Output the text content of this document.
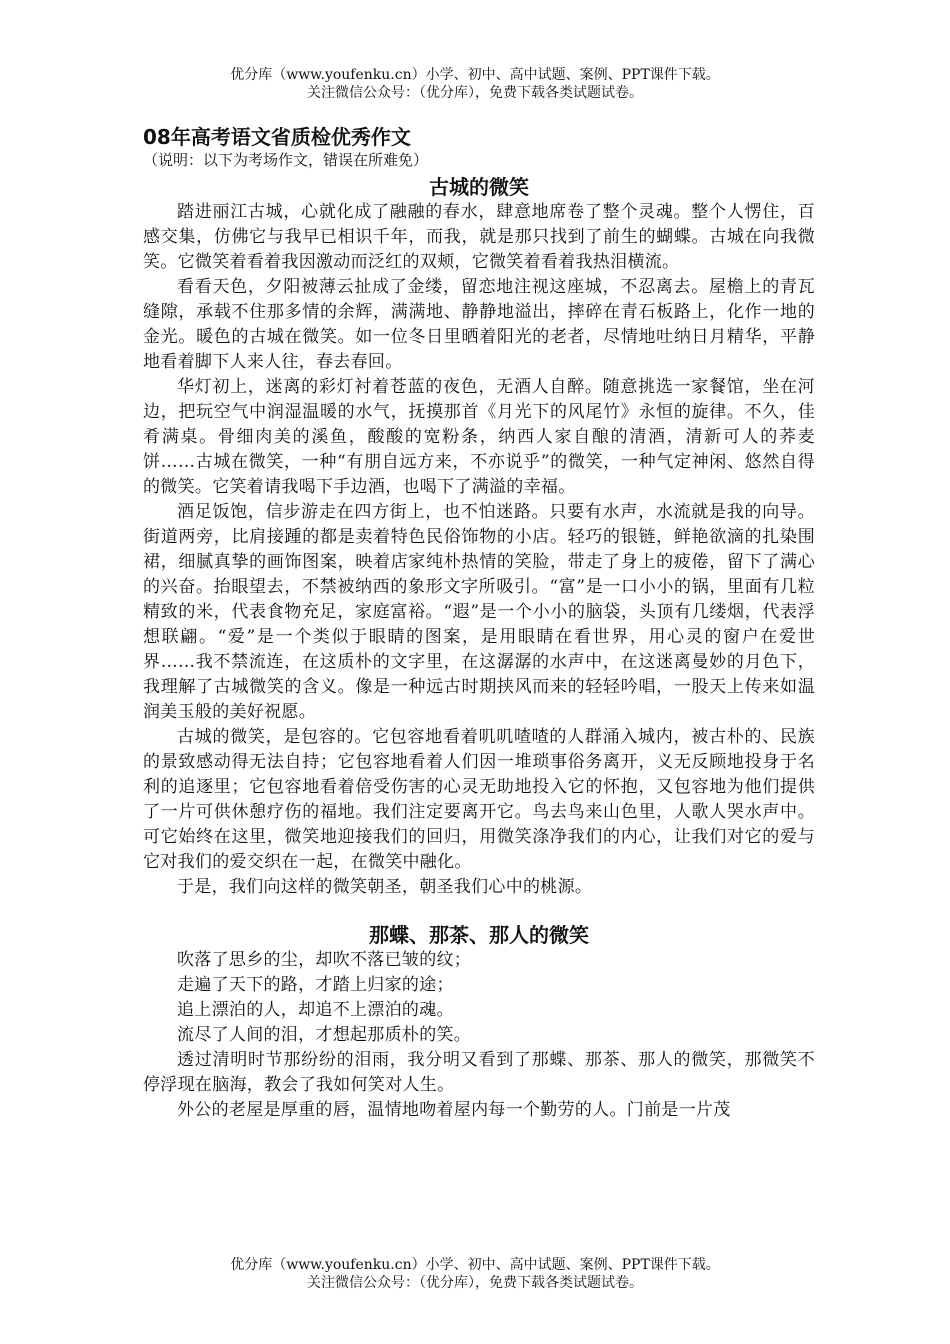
优分库（www.youfenku.cn）小学、初中、高中试题、案例、PPT课件下载。

关注微信公众号：（优分库），免费下载各类试题试卷。

08年高考语文省质检优秀作文

（说明：以下为考场作文，错误在所难免）

古城的微笑

踏进丽江古城，心就化成了融融的春水，肆意地席卷了整个灵魂。整个人愣住，百感交集，仿佛它与我早已相识千年，而我，就是那只找到了前生的蝴蝶。古城在向我微笑。它微笑着看着我因激动而泛红的双颊，它微笑着看着我热泪横流。

看看天色，夕阳被薄云扯成了金缕，留恋地注视这座城，不忍离去。屋檐上的青瓦缝隙，承载不住那多情的余辉，满满地、静静地溢出，摔碎在青石板路上，化作一地的金光。暖色的古城在微笑。如一位冬日里晒着阳光的老者，尽情地吐纳日月精华，平静地看着脚下人来人往，春去春回。

华灯初上，迷离的彩灯衬着苍蓝的夜色，无酒人自醉。随意挑选一家餐馆，坐在河边，把玩空气中润湿温暖的水气，抚摸那首《月光下的风尾竹》永恒的旋律。不久，佳肴满桌。骨细肉美的溪鱼，酸酸的宽粉条，纳西人家自酿的清酒，清新可人的荞麦饼……古城在微笑，一种“有朋自远方来，不亦说乎”的微笑，一种气定神闲、悠然自得的微笑。它笑着请我喝下手边酒，也喝下了满溢的幸福。

酒足饭饱，信步游走在四方街上，也不怕迷路。只要有水声，水流就是我的向导。街道两旁，比肩接踵的都是卖着特色民俗饰物的小店。轻巧的银链，鲜艳欲滴的扎染围裙，细腻真挚的画饰图案，映着店家纯朴热情的笑脸，带走了身上的疲倦，留下了满心的兴奋。抬眼望去，不禁被纳西的象形文字所吸引。“富”是一口小小的锅，里面有几粒精致的米，代表食物充足，家庭富裕。“遐”是一个小小的脑袋，头顶有几缕烟，代表浮想联翩。“爱”是一个类似于眼睛的图案，是用眼睛在看世界，用心灵的窗户在爱世界……我不禁流连，在这质朴的文字里，在这潺潺的水声中，在这迷离曼妙的月色下，我理解了古城微笑的含义。像是一种远古时期挟风而来的轻轻吟唱，一股天上传来如温润美玉般的美好祝愿。

古城的微笑，是包容的。它包容地看着叽叽喳喳的人群涌入城内，被古朴的、民族的景致感动得无法自持；它包容地看着人们因一堆琐事俗务离开，义无反顾地投身于名利的追逐里；它包容地看着倍受伤害的心灵无助地投入它的怀抱，又包容地为他们提供了一片可供休憩疗伤的福地。我们注定要离开它。鸟去鸟来山色里，人歌人哭水声中。可它始终在这里，微笑地迎接我们的回归，用微笑涤净我们的内心，让我们对它的爱与它对我们的爱交织在一起，在微笑中融化。

于是，我们向这样的微笑朝圣，朝圣我们心中的桃源。

那蝶、那茶、那人的微笑

吹落了思乡的尘，却吹不落已皱的纹；

走遍了天下的路，才踏上归家的途；

追上漂泊的人，却追不上漂泊的魂。

流尽了人间的泪，才想起那质朴的笑。

透过清明时节那纷纷的泪雨，我分明又看到了那蝶、那茶、那人的微笑，那微笑不停浮现在脑海，教会了我如何笑对人生。

外公的老屋是厚重的唇，温情地吻着屋内每一个勤劳的人。门前是一片茂

优分库（www.youfenku.cn）小学、初中、高中试题、案例、PPT课件下载。

关注微信公众号：（优分库），免费下载各类试题试卷。
